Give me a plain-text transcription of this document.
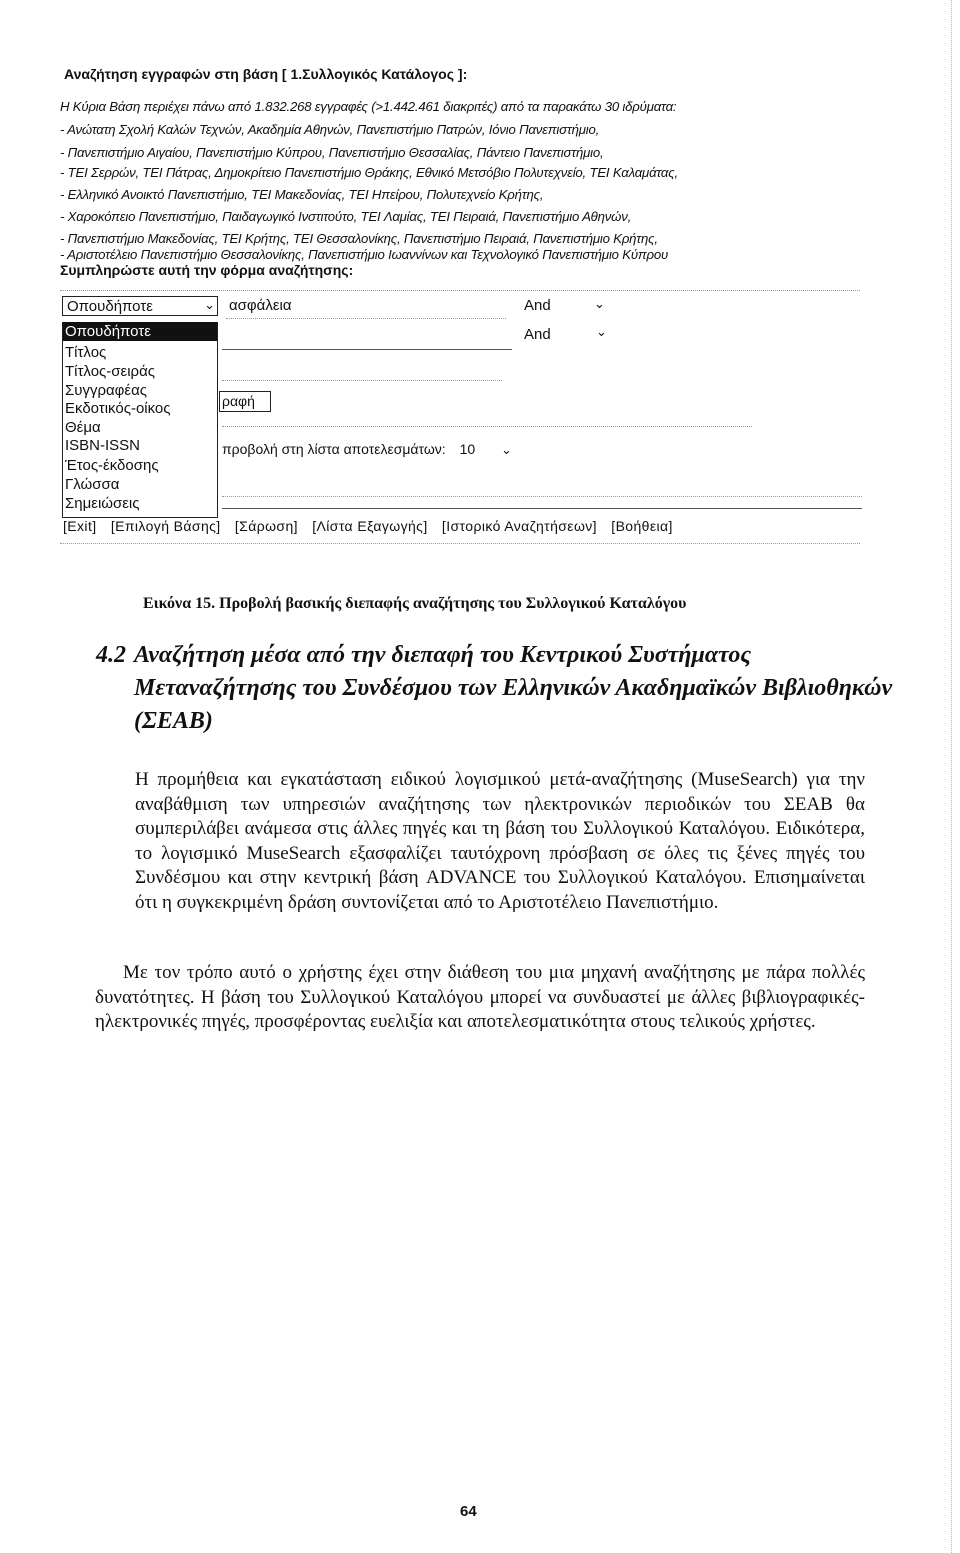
Αναζήτηση εγγραφών στη βάση [ 1.Συλλογικός Κατάλογος ]:
Η Κύρια Βάση περιέχει πάνω από 1.832.268 εγγραφές (>1.442.461 διακριτές) από τα παρακάτω 30 ιδρύματα:
- Ανώτατη Σχολή Καλών Τεχνών, Ακαδημία Αθηνών, Πανεπιστήμιο Πατρών, Ιόνιο Πανεπιστήμιο,
- Πανεπιστήμιο Αιγαίου, Πανεπιστήμιο Κύπρου, Πανεπιστήμιο Θεσσαλίας, Πάντειο Πανεπιστήμιο,
- ΤΕΙ Σερρών, ΤΕΙ Πάτρας, Δημοκρίτειο Πανεπιστήμιο Θράκης, Εθνικό Μετσόβιο Πολυτεχνείο, ΤΕΙ Καλαμάτας,
- Ελληνικό Ανοικτό Πανεπιστήμιο, ΤΕΙ Μακεδονίας, ΤΕΙ Ηπείρου, Πολυτεχνείο Κρήτης,
- Χαροκόπειο Πανεπιστήμιο, Παιδαγωγικό Ινστιτούτο, ΤΕΙ Λαμίας, ΤΕΙ Πειραιά, Πανεπιστήμιο Αθηνών,
- Πανεπιστήμιο Μακεδονίας, ΤΕΙ Κρήτης, ΤΕΙ Θεσσαλονίκης, Πανεπιστήμιο Πειραιά, Πανεπιστήμιο Κρήτης,
- Αριστοτέλειο Πανεπιστήμιο Θεσσαλονίκης, Πανεπιστήμιο Ιωαννίνων και Τεχνολογικό Πανεπιστήμιο Κύπρου
Συμπληρώστε αυτή την φόρμα αναζήτησης:
Οπουδήποτε	⌄ ασφάλεια	And	⌄
And	⌄
Οπουδήποτε
Τίτλος
Τίτλος-σειράς
Συγγραφέας
Εκδοτικός-οίκος
Θέμα
ISBN-ISSN
Έτος-έκδοσης
Γλώσσα
Σημειώσεις
ραφή
προβολή στη λίστα αποτελεσμάτων: 10 ⌄
[Exit] [Επιλογή Βάσης] [Σάρωση] [Λίστα Εξαγωγής] [Ιστορικό Αναζητήσεων] [Βοήθεια]
Εικόνα 15. Προβολή βασικής διεπαφής αναζήτησης του Συλλογικού Καταλόγου
4.2 Αναζήτηση μέσα από την διεπαφή του Κεντρικού Συστήματος Μεταναζήτησης του Συνδέσμου των Ελληνικών Ακαδημαϊκών Βιβλιοθηκών (ΣΕΑΒ)
Η προμήθεια και εγκατάσταση ειδικού λογισμικού μετά-αναζήτησης (MuseSearch) για την αναβάθμιση των υπηρεσιών αναζήτησης των ηλεκτρονικών περιοδικών του ΣΕΑΒ θα συμπεριλάβει ανάμεσα στις άλλες πηγές και τη βάση του Συλλογικού Καταλόγου. Ειδικότερα, το λογισμικό MuseSearch εξασφαλίζει ταυτόχρονη πρόσβαση σε όλες τις ξένες πηγές του Συνδέσμου και στην κεντρική βάση ADVANCE του Συλλογικού Καταλόγου. Επισημαίνεται ότι η συγκεκριμένη δράση συντονίζεται από το Αριστοτέλειο Πανεπιστήμιο.
Με τον τρόπο αυτό ο χρήστης έχει στην διάθεση του μια μηχανή αναζήτησης με πάρα πολλές δυνατότητες. Η βάση του Συλλογικού Καταλόγου μπορεί να συνδυαστεί με άλλες βιβλιογραφικές-ηλεκτρονικές πηγές, προσφέροντας ευελιξία και αποτελεσματικότητα στους τελικούς χρήστες.
64
